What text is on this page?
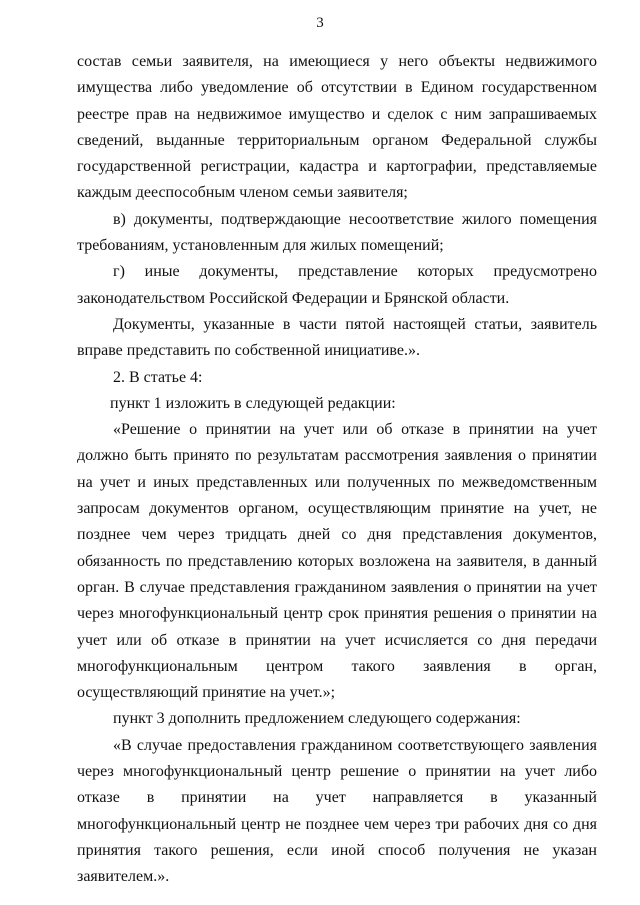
3

состав семьи заявителя, на имеющиеся у него объекты недвижимого имущества либо уведомление об отсутствии в Едином государственном реестре прав на недвижимое имущество и сделок с ним запрашиваемых сведений, выданные территориальным органом Федеральной службы государственной регистрации, кадастра и картографии, представляемые каждым дееспособным членом семьи заявителя;

в) документы, подтверждающие несоответствие жилого помещения требованиям, установленным для жилых помещений;

г) иные документы, представление которых предусмотрено

законодательством Российской Федерации и Брянской области.

Документы, указанные в части пятой настоящей статьи, заявитель вправе представить по собственной инициативе.».

2. В статье 4:

пункт 1 изложить в следующей редакции:

«Решение о принятии на учет или об отказе в принятии на учет должно быть принято по результатам рассмотрения заявления о принятии на учет и иных представленных или полученных по межведомственным запросам документов органом, осуществляющим принятие на учет, не позднее чем через тридцать дней со дня представления документов, обязанность по представлению которых возложена на заявителя, в данный орган. В случае представления гражданином заявления о принятии на учет через многофункциональный центр срок принятия решения о принятии на учет или об отказе в принятии на учет исчисляется со дня передачи многофункциональным центром такого заявления в орган, осуществляющий принятие на учет.»;

пункт 3 дополнить предложением следующего содержания:

«В случае предоставления гражданином соответствующего заявления через многофункциональный центр решение о принятии на учет либо отказе в принятии на учет направляется в указанный многофункциональный центр не позднее чем через три рабочих дня со дня принятия такого решения, если иной способ получения не указан заявителем.».
